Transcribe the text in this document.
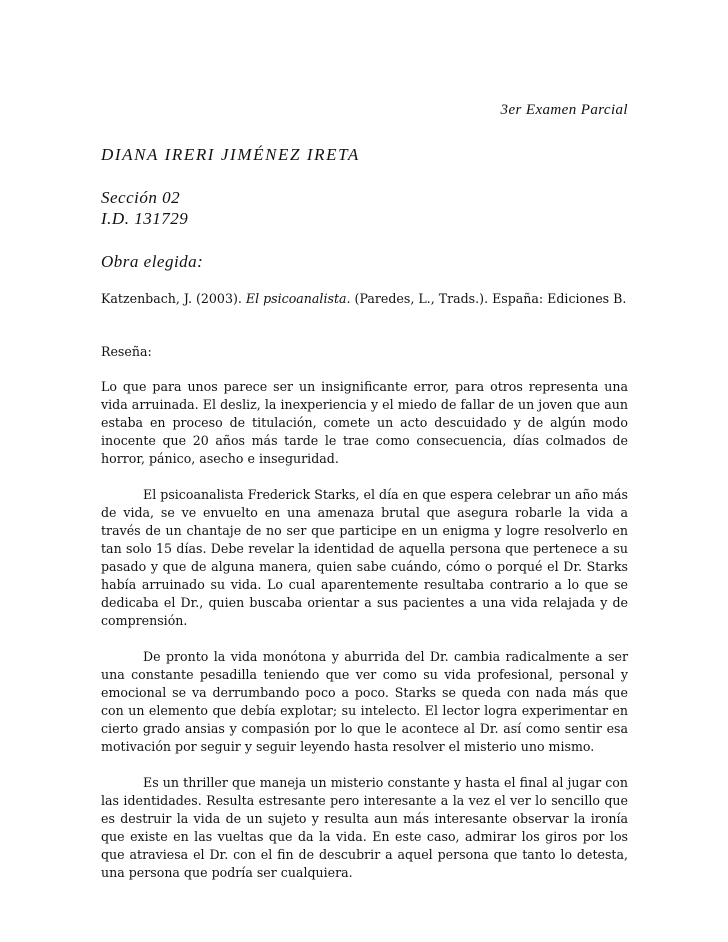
3er Examen Parcial
DIANA IRERI JIMÉNEZ IRETA
Sección 02
I.D. 131729
Obra elegida:
Katzenbach, J. (2003). El psicoanalista. (Paredes, L., Trads.). España: Ediciones B.
Reseña:

Lo que para unos parece ser un insignificante error, para otros representa una vida arruinada. El desliz, la inexperiencia y el miedo de fallar de un joven que aun estaba en proceso de titulación, comete un acto descuidado y de algún modo inocente que 20 años más tarde le trae como consecuencia, días colmados de horror, pánico, asecho e inseguridad.

El psicoanalista Frederick Starks, el día en que espera celebrar un año más de vida, se ve envuelto en una amenaza brutal que asegura robarle la vida a través de un chantaje de no ser que participe en un enigma y logre resolverlo en tan solo 15 días. Debe revelar la identidad de aquella persona que pertenece a su pasado y que de alguna manera, quien sabe cuándo, cómo o porqué el Dr. Starks había arruinado su vida. Lo cual aparentemente resultaba contrario a lo que se dedicaba el Dr., quien buscaba orientar a sus pacientes a una vida relajada y de comprensión.

De pronto la vida monótona y aburrida del Dr. cambia radicalmente a ser una constante pesadilla teniendo que ver como su vida profesional, personal y emocional se va derrumbando poco a poco. Starks se queda con nada más que con un elemento que debía explotar; su intelecto. El lector logra experimentar en cierto grado ansias y compasión por lo que le acontece al Dr. así como sentir esa motivación por seguir y seguir leyendo hasta resolver el misterio uno mismo.

Es un thriller que maneja un misterio constante y hasta el final al jugar con las identidades. Resulta estresante pero interesante a la vez el ver lo sencillo que es destruir la vida de un sujeto y resulta aun más interesante observar la ironía que existe en las vueltas que da la vida. En este caso, admirar los giros por los que atraviesa el Dr. con el fin de descubrir a aquel persona que tanto lo detesta, una persona que podría ser cualquiera.
